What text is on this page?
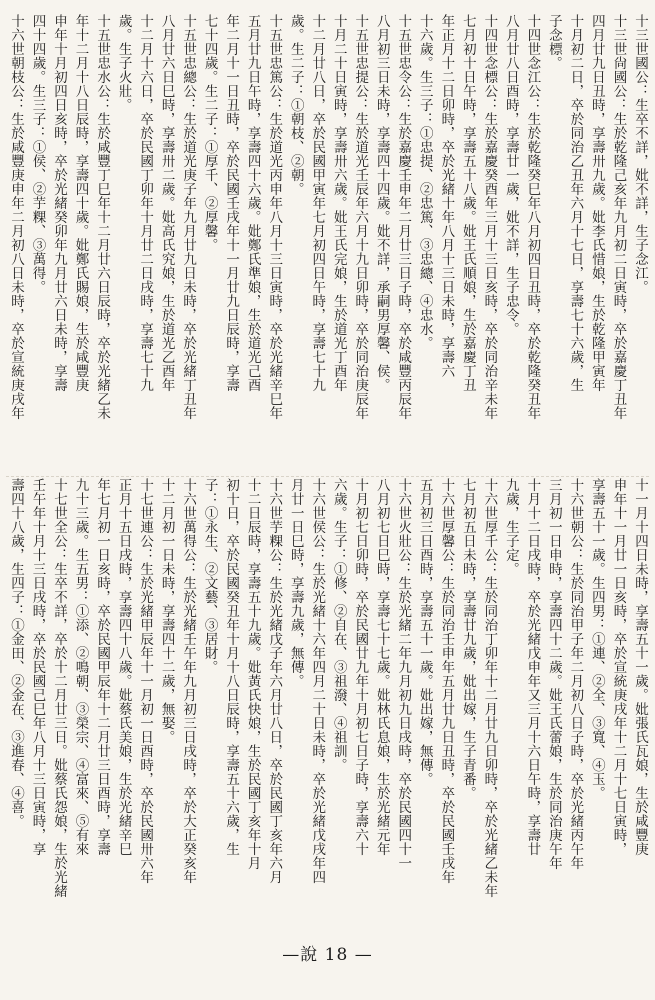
十三世國公：生卒不詳，妣不詳，生子念江。
十三世尙國公：生於乾隆己亥年九月初二日寅時，卒於嘉慶丁丑年
四月廿九日丑時，享壽卅九歲。妣李氏惜娘，生於乾隆甲寅年
十月初二日，卒於同治乙丑年六月十七日，享壽七十六歲，生
子念標。
十四世念江公：生於乾隆癸巳年八月初四日丑時，卒於乾隆癸丑年
八月廿八日酉時，享壽廿一歲，妣不詳，生子忠令。
十四世念標公：生於嘉慶癸酉年三月十三日亥時，卒於同治辛未年
七月初十日午時，享壽五十八歲。妣王氏順娘，生於嘉慶丁丑
年正月十二日卯時，卒於光緒十年八月十三日未時，享壽六
十六歲。生三子：①忠提、②忠篤、③忠總、④忠水。
十五世忠令公：生於嘉慶壬申年二月廿三日子時，卒於咸豐丙辰年
八月初三日未時，享壽四十四歲。妣不詳，承嗣男厚馨、侯。
十五世忠提公：生於道光壬辰年六月十九日卯時，卒於同治庚辰年
十月二十日寅時，享壽卅六歲。妣王氏完娘，生於道光丁酉年
十二月廿八日，卒於民國甲寅年七月初四日午時，享壽七十九
歲。生二子：①朝枝、②朝。
十五世忠篤公：生於道光丙申年八月十三日寅時，卒於光緒辛巳年
五月廿九日午時，享壽四十六歲。妣鄭氏準娘，生於道光己酉
年二月十一日丑時，卒於民國壬戌年十一月廿九日辰時，享壽
七十四歲。生二子：①厚千、②厚馨。
十五世忠總公：生於道光庚子年九月廿九日未時，卒於光緒丁丑年
八月廿六日巳時，享壽卅二歲。妣高氏究娘，生於道光乙酉年
十二月十六日，卒於民國丁卯年十月廿二日戌時，享壽七十九
歲。生子火壯。
十五世忠水公：生於咸豐丁巳年十二月廿六日辰時，卒於光緒乙未
年十二月十八日辰時，享壽四十歲。妣鄭氏賜娘，生於咸豐庚
申年十月初四日亥時，卒於光緒癸卯年九月廿六日未時，享壽
四十四歲。生三子：①侯、②芋粿、③萬得。
十六世朝枝公：生於咸豐庚申年二月初八日未時，卒於宣統庚戌年
十一月十四日未時，享壽五十一歲。妣張氏瓦娘，生於咸豐庚
申年十一月廿一日亥時，卒於宣統庚戌年十二月十七日寅時，
享壽五十一歲。生四男：①連、②全、③寬、④玉。
十六世朝公：生於同治甲子年二月初八日子時，卒於光緒丙午年
三月初一日申時，享壽四十二歲。妣王氏蕾娘，生於同治庚午年
十月十二日戌時，卒於光緒戊申年又三月十六日午時，享壽廿
九歲，生子定。
十六世厚千公：生於同治丁卯年十二月廿九日卯時，卒於光緒乙未年
七月初五日未時，享壽廿九歲，妣出嫁，生子青番。
十六世厚馨公：生於同治壬申年五月廿九日丑時，卒於民國壬戌年
五月初三日酉時，享壽五十一歲。妣出嫁，無傳。
十六世火壯公：生於光緒二年九月初九日戌時，卒於民國四十一
八月初七日巳時，享壽七十七歲。妣林氏息娘，生於光緒元年
十月初七日卯時，卒於民國廿九年十月初七日子時，享壽六十
六歲。生子：①修、②自在、③祖潑、④祖訓。
十六世侯公：生於光緒十六年四月二十日未時，卒於光緒戊戌年四
月廿一日巳時，享壽九歲，無傳。
十六世芋粿公：生於光緒戊子年六月廿八日，卒於民國丁亥年六月
十二日辰時，享壽五十九歲。妣黃氏快娘，生於民國丁亥年十月
初十日，卒於民國癸丑年十月十八日辰時，享壽五十六歲，生
子：①永生、②文藝、③居財。
十六世萬得公：生於光緒壬午年九月初三日戌時，卒於大正癸亥年
十二月初一日未時，享壽四十二歲，無娶。
十七世連公：生於光緒甲辰年十一月初一日酉時，卒於民國卅六年
正月十五日戌時，享壽四十八歲。妣蔡氏美娘，生於光緒辛巳
年七月初一日亥時，卒於民國甲辰年十二月廿三日酉時，享壽
九十三歲。生五男：①添、②鳴朝、③榮宗、④富來、⑤有來
十七世全公：生卒不詳，卒於十二月廿三日。妣蔡氏怨娘，生於光緒
壬午年十月十三日戌時，卒於民國己巳年八月十三日寅時，享
壽四十八歲，生四子：①金田、②金在、③進春、④喜。
—說 18 —
